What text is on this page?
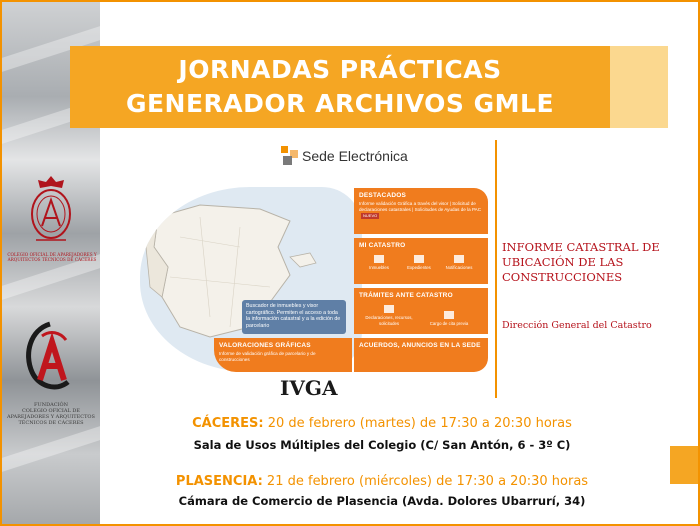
COLEGIO OFICIAL DE APAREJADORES Y ARQUITECTOS TÉCNICOS DE CÁCERES
FUNDACIÓN
COLEGIO OFICIAL DE APAREJADORES Y ARQUITECTOS TÉCNICOS DE CÁCERES
JORNADAS PRÁCTICAS
GENERADOR ARCHIVOS GMLE
Sede Electrónica
Buscador de inmuebles y visor cartográfico. Permiten el acceso a toda la información catastral y a la edición de parcelario
DESTACADOS
Informe validación Gráfica a través del visor | Solicitud de declaraciones catastrales | Solicitudes de Ayudas de la PAC NUEVO
MI CATASTRO
Inmuebles	Expedientes	Notificaciones
TRÁMITES ANTE CATASTRO
Declaraciones, recursos, solicitudes	Cargo de cita previa
ACUERDOS, ANUNCIOS EN LA SEDE
VALORACIONES GRÁFICAS
Informe de validación gráfica de parcelario y de construcciones
IVGA
INFORME CATASTRAL DE UBICACIÓN DE LAS CONSTRUCCIONES
Dirección General del Catastro
CÁCERES: 20 de febrero (martes) de 17:30 a 20:30 horas
Sala de Usos Múltiples del Colegio (C/ San Antón, 6 - 3º C)
PLASENCIA: 21 de febrero (miércoles) de 17:30 a 20:30 horas
Cámara de Comercio de Plasencia (Avda. Dolores Ubarrurí, 34)
